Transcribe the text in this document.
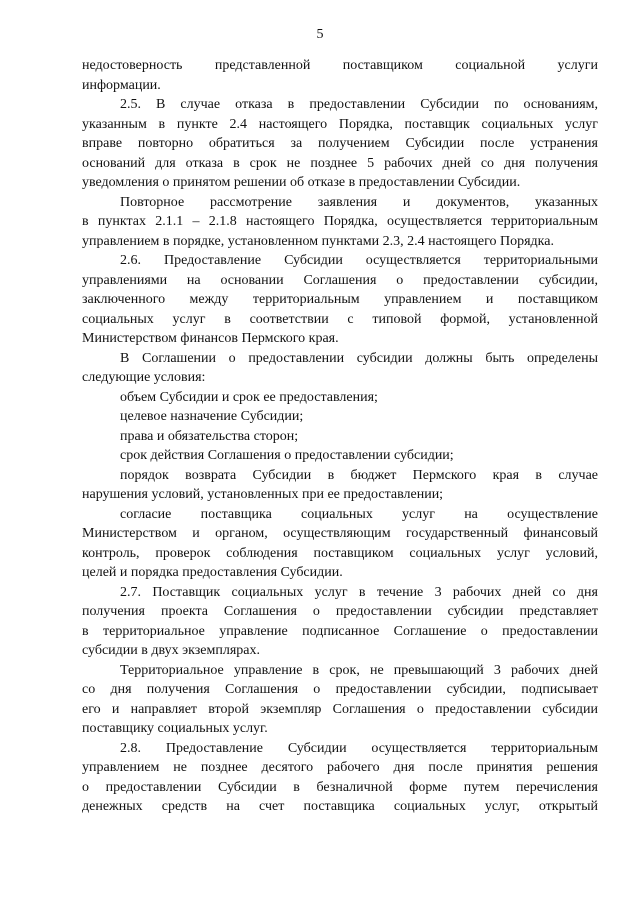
5
недостоверность представленной поставщиком социальной услуги
информации.
2.5. В случае отказа в предоставлении Субсидии по основаниям,
указанным в пункте 2.4 настоящего Порядка, поставщик социальных услуг
вправе повторно обратиться за получением Субсидии после устранения
оснований для отказа в срок не позднее 5 рабочих дней со дня получения
уведомления о принятом решении об отказе в предоставлении Субсидии.
Повторное рассмотрение заявления и документов, указанных
в пунктах 2.1.1 – 2.1.8 настоящего Порядка, осуществляется территориальным
управлением в порядке, установленном пунктами 2.3, 2.4 настоящего Порядка.
2.6. Предоставление Субсидии осуществляется территориальными
управлениями на основании Соглашения о предоставлении субсидии,
заключенного между территориальным управлением и поставщиком
социальных услуг в соответствии с типовой формой, установленной
Министерством финансов Пермского края.
В Соглашении о предоставлении субсидии должны быть определены
следующие условия:
объем Субсидии и срок ее предоставления;
целевое назначение Субсидии;
права и обязательства сторон;
срок действия Соглашения о предоставлении субсидии;
порядок возврата Субсидии в бюджет Пермского края в случае
нарушения условий, установленных при ее предоставлении;
согласие поставщика социальных услуг на осуществление
Министерством и органом, осуществляющим государственный финансовый
контроль, проверок соблюдения поставщиком социальных услуг условий,
целей и порядка предоставления Субсидии.
2.7. Поставщик социальных услуг в течение 3 рабочих дней со дня
получения проекта Соглашения о предоставлении субсидии представляет
в территориальное управление подписанное Соглашение о предоставлении
субсидии в двух экземплярах.
Территориальное управление в срок, не превышающий 3 рабочих дней
со дня получения Соглашения о предоставлении субсидии, подписывает
его и направляет второй экземпляр Соглашения о предоставлении субсидии
поставщику социальных услуг.
2.8. Предоставление Субсидии осуществляется территориальным
управлением не позднее десятого рабочего дня после принятия решения
о предоставлении Субсидии в безналичной форме путем перечисления
денежных средств на счет поставщика социальных услуг, открытый
